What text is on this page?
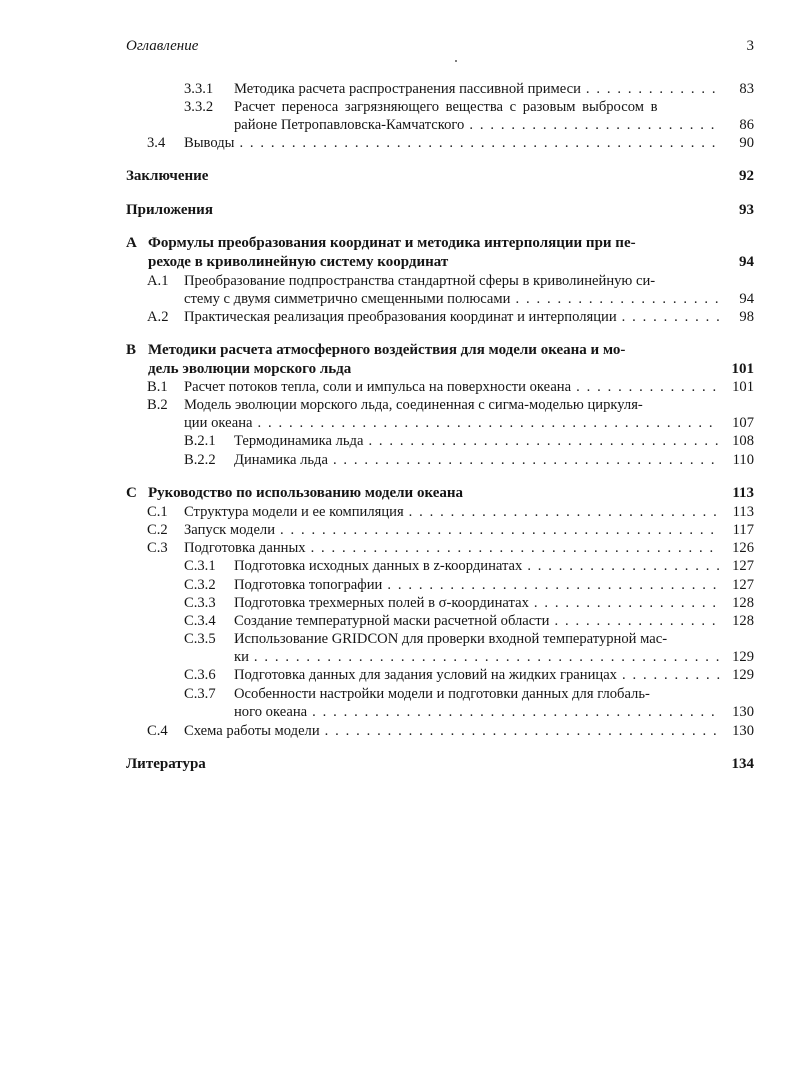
Оглавление	3
3.3.1 Методика расчета распространения пассивной примеси . . .	83
3.3.2 Расчет переноса загрязняющего вещества с разовым выбросом в
районе Петропавловска-Камчатского . . .	86
3.4 Выводы . . .	90
Заключение	92
Приложения	93
A Формулы преобразования координат и методика интерполяции при пе-
реходе в криволинейную систему координат	94
A.1 Преобразование подпространства стандартной сферы в криволинейную си-
стему с двумя симметрично смещенными полюсами . . .	94
A.2 Практическая реализация преобразования координат и интерполяции . . .	98
B Методики расчета атмосферного воздействия для модели океана и мо-
дель эволюции морского льда	101
B.1 Расчет потоков тепла, соли и импульса на поверхности океана . . .	101
B.2 Модель эволюции морского льда, соединенная с сигма-моделью циркуля-
ции океана . . .	107
B.2.1 Термодинамика льда . . .	108
B.2.2 Динамика льда . . .	110
C Руководство по использованию модели океана	113
C.1 Структура модели и ее компиляция . . .	113
C.2 Запуск модели . . .	117
C.3 Подготовка данных . . .	126
C.3.1 Подготовка исходных данных в z-координатах . . .	127
C.3.2 Подготовка топографии . . .	127
C.3.3 Подготовка трехмерных полей в σ-координатах . . .	128
C.3.4 Создание температурной маски расчетной области . . .	128
C.3.5 Использование GRIDCON для проверки входной температурной мас-
ки . . .	129
C.3.6 Подготовка данных для задания условий на жидких границах . . .	129
C.3.7 Особенности настройки модели и подготовки данных для глобаль-
ного океана . . .	130
C.4 Схема работы модели . . .	130
Литература	134
